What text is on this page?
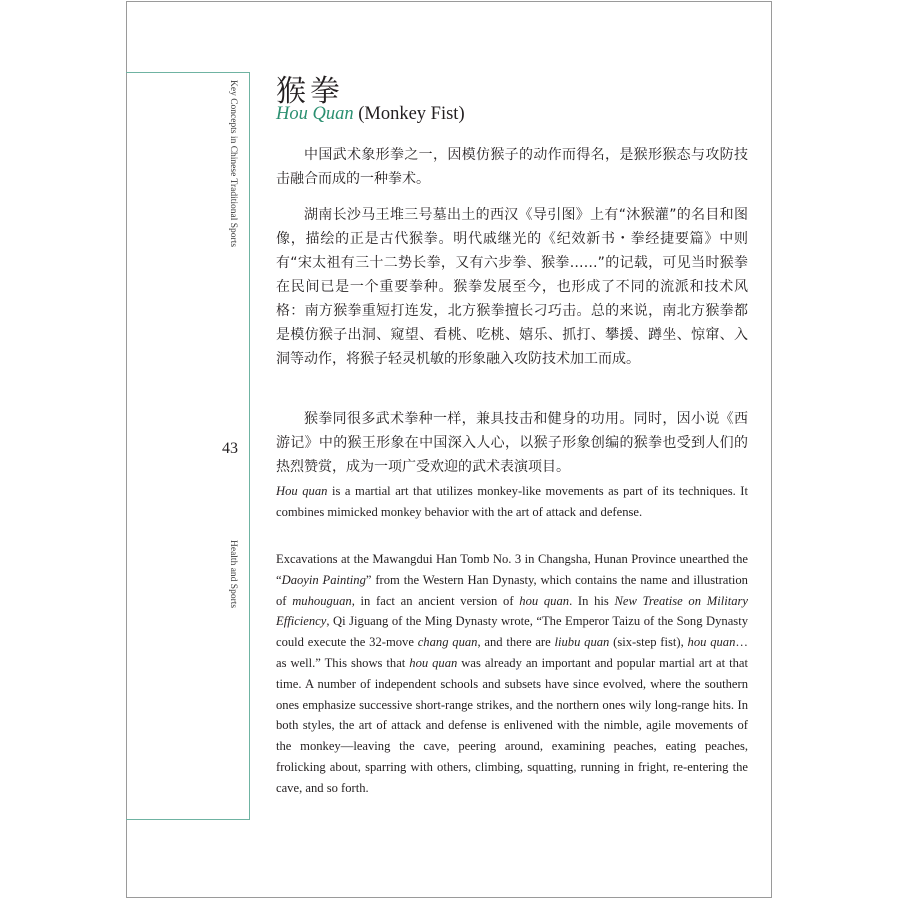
Key Concepts in Chinese Traditional Sports
43
Health and Sports
猴拳
Hou Quan (Monkey Fist)
中国武术象形拳之一，因模仿猴子的动作而得名，是猴形猴态与攻防技击融合而成的一种拳术。
湖南长沙马王堆三号墓出土的西汉《导引图》上有“沐猴灌”的名目和图像，描绘的正是古代猴拳。明代戚继光的《纪效新书・拳经捷要篇》中则有“宋太祖有三十二势长拳，又有六步拳、猴拳……”的记载，可见当时猴拳在民间已是一个重要拳种。猴拳发展至今，也形成了不同的流派和技术风格：南方猴拳重短打连发，北方猴拳擅长刁巧击。总的来说，南北方猴拳都是模仿猴子出洞、窥望、看桃、吃桃、嬉乐、抓打、攀援、蹲坐、惊窜、入洞等动作，将猴子轻灵机敏的形象融入攻防技术加工而成。
猴拳同很多武术拳种一样，兼具技击和健身的功用。同时，因小说《西游记》中的猴王形象在中国深入人心，以猴子形象创编的猴拳也受到人们的热烈赞赏，成为一项广受欢迎的武术表演项目。

Hou quan is a martial art that utilizes monkey-like movements as part of its techniques. It combines mimicked monkey behavior with the art of attack and defense.

Excavations at the Mawangdui Han Tomb No. 3 in Changsha, Hunan Province unearthed the “Daoyin Painting” from the Western Han Dynasty, which contains the name and illustration of muhouguan, in fact an ancient version of hou quan. In his New Treatise on Military Efficiency, Qi Jiguang of the Ming Dynasty wrote, “The Emperor Taizu of the Song Dynasty could execute the 32-move chang quan, and there are liubu quan (six-step fist), hou quan…as well.” This shows that hou quan was already an important and popular martial art at that time. A number of independent schools and subsets have since evolved, where the southern ones emphasize successive short-range strikes, and the northern ones wily long-range hits. In both styles, the art of attack and defense is enlivened with the nimble, agile movements of the monkey—leaving the cave, peering around, examining peaches, eating peaches, frolicking about, sparring with others, climbing, squatting, running in fright, re-entering the cave, and so forth.
